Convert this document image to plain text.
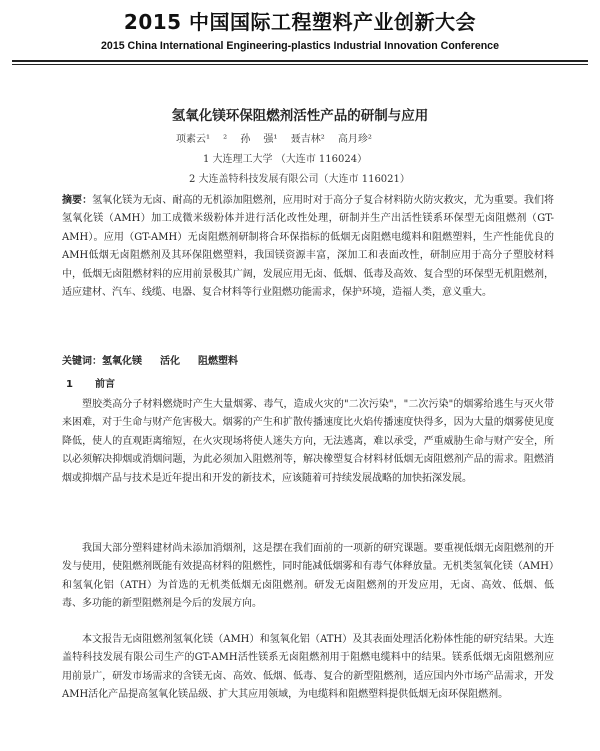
2015 中国国际工程塑料产业创新大会
2015 China International Engineering-plastics Industrial Innovation Conference
氢氧化镁环保阻燃剂活性产品的研制与应用
项素云¹ ² 孙 强¹ 聂吉林² 高月珍²
1 大连理工大学 （大连市 116024）
2 大连盖特科技发展有限公司（大连市 116021）
摘要：氢氧化镁为无卤、耐高的无机添加阻燃剂，应用时对于高分子复合材料防火防灾救灾，尤为重要。我们将氢氧化镁（AMH）加工成微米级粉体并进行活化改性处理，研制并生产出活性镁系环保型无卤阻燃剂（GT-AMH）。应用（GT-AMH）无卤阻燃剂研制将合环保指标的低烟无卤阻燃电缆料和阻燃塑料，生产性能优良的AMH低烟无卤阻燃剂及其环保阻燃塑料，我国镁资源丰富，深加工和表面改性，研制应用于高分子塑胶材料中，低烟无卤阻燃材料的应用前景极其广阔，发展应用无卤、低烟、低毒及高效、复合型的环保型无机阻燃剂，适应建材、汽车、线缆、电器、复合材料等行业阻燃功能需求，保护环境，造福人类，意义重大。
关键词：氢氧化镁 活化 阻燃塑料
1 前言
塑胶类高分子材料燃烧时产生大量烟雾、毒气，造成火灾的"二次污染"，"二次污染"的烟雾给逃生与灭火带来困难，对于生命与财产危害极大。烟雾的产生和扩散传播速度比火焰传播速度快得多，因为大量的烟雾使见度降低，使人的直观距离缩短，在火灾现场将使人迷失方向，无法逃离，难以承受，严重威胁生命与财产安全，所以必须解决抑烟或消烟问题，为此必须加入阻燃剂等，解决橡塑复合材料材低烟无卤阻燃剂产品的需求。阻燃消烟或抑烟产品与技术是近年提出和开发的新技术，应该随着可持续发展战略的加快拓深发展。
我国大部分塑料建材尚未添加消烟剂，这是摆在我们面前的一项新的研究课题。要重视低烟无卤阻燃剂的开发与使用，使阻燃剂既能有效提高材料的阻燃性，同时能减低烟雾和有毒气体释放量。无机类氢氧化镁（AMH）和氢氧化铝（ATH）为首选的无机类低烟无卤阻燃剂。研发无卤阻燃剂的开发应用，无卤、高效、低烟、低毒、多功能的新型阻燃剂是今后的发展方向。
本文报告无卤阻燃剂氢氧化镁（AMH）和氢氧化铝（ATH）及其表面处理活化粉体性能的研究结果。大连盖特科技发展有限公司生产的GT-AMH活性镁系无卤阻燃剂用于阻燃电缆料中的结果。镁系低烟无卤阻燃剂应用前景广，研发市场需求的含镁无卤、高效、低烟、低毒、复合的新型阻燃剂，适应国内外市场产品需求，开发AMH活化产品提高氢氧化镁品级、扩大其应用领域，为电缆料和阻燃塑料提供低烟无卤环保阻燃剂。
